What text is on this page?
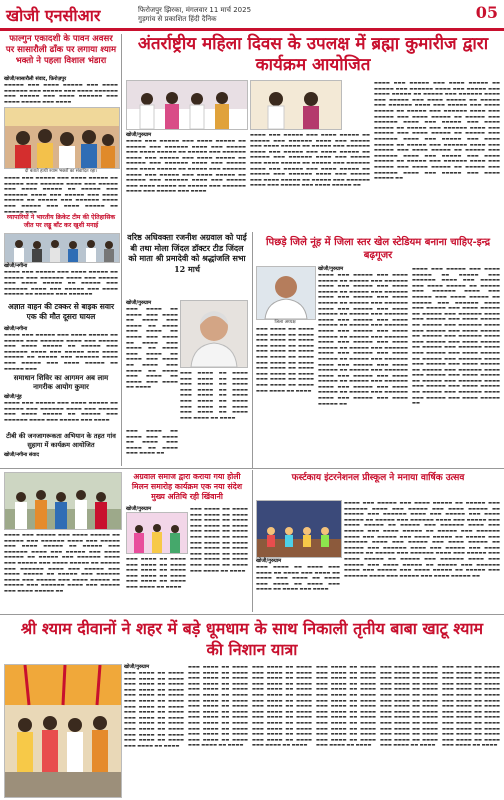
खोजी एनसीआर	फिरोजपुर झिरका, मंगलवार 11 मार्च 2025
गुड़गांव से प्रकाशित हिंदी दैनिक	05
फाल्गुन एकादशी के पावन अवसर पर सासारौली ढाँक पर लगाया श्याम भक्तो ने पहला विशाल भंडारा
खोजी/सासारौली संवाद, फ़िरोज़पुर

▬▬▬▬▬ ▬▬▬ ▬▬▬▬ ▬▬▬▬▬ ▬▬▬ ▬▬▬▬ ▬▬▬▬▬▬ ▬▬▬ ▬▬▬▬▬ ▬▬▬ ▬▬▬▬ ▬▬▬▬▬▬ ▬▬▬ ▬▬▬▬▬ ▬▬▬ ▬▬▬▬ ▬▬▬▬▬▬ ▬▬▬ ▬▬▬▬ ▬▬▬▬▬ ▬▬▬ ▬▬▬▬

दी बताते हाथी श्याम भक्तों का संवादित रहा।

▬▬▬▬ ▬▬▬ ▬▬▬▬▬ ▬▬▬ ▬▬▬▬ ▬▬▬▬▬ ▬▬ ▬▬▬▬▬ ▬▬▬ ▬▬▬▬▬▬ ▬▬▬▬ ▬▬▬ ▬▬▬▬▬ ▬▬▬ ▬▬▬▬ ▬▬▬▬▬ ▬▬ ▬▬▬▬▬ ▬▬▬ ▬▬▬▬▬▬ ▬▬▬▬ ▬▬▬ ▬▬▬▬▬ ▬▬▬ ▬▬▬▬ ▬▬▬▬▬ ▬▬ ▬▬▬▬▬ ▬▬▬ ▬▬▬▬▬▬ ▬▬▬▬ ▬▬▬ ▬▬▬▬▬ ▬▬▬ ▬▬▬▬ ▬▬▬▬▬ ▬▬ ▬▬▬▬▬ ▬▬▬

व्यापारियों ने भारतीय क्रिकेट टीम की ऐतिहासिक जीत पर लड्डू बाँट कर खुशी मनाई
खोजी/नगीना

▬▬▬▬ ▬▬▬ ▬▬▬▬▬ ▬▬▬ ▬▬▬▬ ▬▬▬▬▬ ▬▬ ▬▬▬▬▬ ▬▬▬ ▬▬▬▬▬▬ ▬▬▬▬ ▬▬▬ ▬▬▬▬▬ ▬▬▬ ▬▬▬▬ ▬▬▬▬▬ ▬▬ ▬▬▬▬▬ ▬▬▬ ▬▬▬▬▬▬ ▬▬▬▬ ▬▬▬ ▬▬▬▬▬ ▬▬▬ ▬▬▬▬ ▬▬▬▬▬ ▬▬ ▬▬▬▬▬ ▬▬▬ ▬▬▬▬▬▬

अज्ञात वाहन की टक्कर से बाइक सवार एक की मौत दूसरा घायल
खोजी/नगीना

▬▬▬▬ ▬▬▬ ▬▬▬▬▬ ▬▬▬ ▬▬▬▬ ▬▬▬▬▬ ▬▬ ▬▬▬▬▬ ▬▬▬ ▬▬▬▬▬▬ ▬▬▬▬ ▬▬▬ ▬▬▬▬▬ ▬▬▬ ▬▬▬▬ ▬▬▬▬▬ ▬▬ ▬▬▬▬▬ ▬▬▬ ▬▬▬▬▬▬ ▬▬▬▬ ▬▬▬ ▬▬▬▬▬ ▬▬▬ ▬▬▬▬ ▬▬▬▬▬ ▬▬ ▬▬▬▬▬ ▬▬▬ ▬▬▬▬▬▬ ▬▬▬▬ ▬▬▬ ▬▬▬▬▬ ▬▬▬ ▬▬▬▬ ▬▬▬▬▬ ▬▬ ▬▬▬▬▬ ▬▬▬

समाधान शिविर का आगमन अब लाम नागरीक आयोग कुमार
खोजी/नूंह

▬▬▬▬ ▬▬▬ ▬▬▬▬▬ ▬▬▬ ▬▬▬▬ ▬▬▬▬▬ ▬▬ ▬▬▬▬▬ ▬▬▬ ▬▬▬▬▬▬ ▬▬▬▬ ▬▬▬ ▬▬▬▬▬ ▬▬▬ ▬▬▬▬ ▬▬▬▬▬ ▬▬ ▬▬▬▬▬ ▬▬▬ ▬▬▬▬▬▬ ▬▬▬▬ ▬▬▬ ▬▬▬▬▬ ▬▬▬ ▬▬▬▬

टीबी की जनजागरूकता अभियान के तहत गांव सुहागा में कार्यक्रम आयोजित
अंतर्राष्ट्रीय महिला दिवस के उपलक्ष में ब्रह्मा कुमारीज द्वारा कार्यक्रम आयोजित
खोजी/गुरुग्राम

▬▬▬▬ ▬▬▬ ▬▬▬▬▬ ▬▬▬ ▬▬▬▬ ▬▬▬▬▬ ▬▬ ▬▬▬▬▬ ▬▬▬ ▬▬▬▬▬▬ ▬▬▬▬ ▬▬▬ ▬▬▬▬▬ ▬▬▬ ▬▬▬▬ ▬▬▬▬▬ ▬▬ ▬▬▬▬▬ ▬▬▬ ▬▬▬▬▬▬ ▬▬▬▬ ▬▬▬ ▬▬▬▬▬ ▬▬▬ ▬▬▬▬ ▬▬▬▬▬ ▬▬ ▬▬▬▬▬ ▬▬▬ ▬▬▬▬▬▬ ▬▬▬▬ ▬▬▬ ▬▬▬▬▬ ▬▬▬ ▬▬▬▬ ▬▬▬▬▬ ▬▬ ▬▬▬▬▬ ▬▬▬ ▬▬▬▬▬▬ ▬▬▬▬ ▬▬▬ ▬▬▬▬▬ ▬▬▬ ▬▬▬▬ ▬▬▬▬▬ ▬▬ ▬▬▬▬▬ ▬▬▬ ▬▬▬▬▬▬ ▬▬▬▬ ▬▬▬ ▬▬▬▬▬ ▬▬▬ ▬▬▬▬ ▬▬▬▬▬ ▬▬ ▬▬▬▬▬ ▬▬▬ ▬▬▬▬▬▬ ▬▬▬▬ ▬▬▬ ▬▬▬▬▬ ▬▬▬ ▬▬▬▬

▬▬▬▬ ▬▬▬ ▬▬▬▬▬ ▬▬▬ ▬▬▬▬ ▬▬▬▬▬ ▬▬ ▬▬▬▬▬ ▬▬▬ ▬▬▬▬▬▬ ▬▬▬▬ ▬▬▬ ▬▬▬▬▬ ▬▬▬ ▬▬▬▬ ▬▬▬▬▬ ▬▬ ▬▬▬▬▬ ▬▬▬ ▬▬▬▬▬▬ ▬▬▬▬ ▬▬▬ ▬▬▬▬▬ ▬▬▬ ▬▬▬▬ ▬▬▬▬▬ ▬▬ ▬▬▬▬▬ ▬▬▬ ▬▬▬▬▬▬ ▬▬▬▬ ▬▬▬ ▬▬▬▬▬ ▬▬▬ ▬▬▬▬ ▬▬▬▬▬ ▬▬ ▬▬▬▬▬ ▬▬▬ ▬▬▬▬▬▬ ▬▬▬▬ ▬▬▬ ▬▬▬▬▬ ▬▬▬ ▬▬▬▬ ▬▬▬▬▬ ▬▬ ▬▬▬▬▬ ▬▬▬ ▬▬▬▬▬▬ ▬▬▬▬ ▬▬▬ ▬▬▬▬▬ ▬▬▬ ▬▬▬▬ ▬▬▬▬▬ ▬▬ ▬▬▬▬▬ ▬▬▬ ▬▬▬▬▬▬ ▬▬▬▬ ▬▬▬ ▬▬▬▬▬ ▬▬▬ ▬▬▬▬ ▬▬▬▬▬ ▬▬

▬▬▬▬ ▬▬▬ ▬▬▬▬▬ ▬▬▬ ▬▬▬▬ ▬▬▬▬▬ ▬▬ ▬▬▬▬▬ ▬▬▬ ▬▬▬▬▬▬ ▬▬▬▬ ▬▬▬ ▬▬▬▬▬ ▬▬▬ ▬▬▬▬ ▬▬▬▬▬ ▬▬ ▬▬▬▬▬ ▬▬▬ ▬▬▬▬▬▬ ▬▬▬▬ ▬▬▬ ▬▬▬▬▬ ▬▬▬ ▬▬▬▬ ▬▬▬▬▬ ▬▬ ▬▬▬▬▬ ▬▬▬ ▬▬▬▬▬▬ ▬▬▬▬ ▬▬▬ ▬▬▬▬▬ ▬▬▬ ▬▬▬▬ ▬▬▬▬▬ ▬▬ ▬▬▬▬▬ ▬▬▬ ▬▬▬▬▬▬ ▬▬▬▬ ▬▬▬ ▬▬▬▬▬ ▬▬▬ ▬▬▬▬ ▬▬▬▬▬ ▬▬ ▬▬▬▬▬ ▬▬▬ ▬▬▬▬▬▬ ▬▬▬▬ ▬▬▬ ▬▬▬▬▬ ▬▬▬ ▬▬▬▬ ▬▬▬▬▬ ▬▬ ▬▬▬▬▬ ▬▬▬ ▬▬▬▬▬▬ ▬▬▬▬ ▬▬▬ ▬▬▬▬▬ ▬▬▬ ▬▬▬▬ ▬▬▬▬▬ ▬▬ ▬▬▬▬▬ ▬▬▬ ▬▬▬▬▬▬ ▬▬▬▬ ▬▬▬ ▬▬▬▬▬ ▬▬▬ ▬▬▬▬ ▬▬▬▬▬ ▬▬ ▬▬▬▬▬ ▬▬▬ ▬▬▬▬▬▬ ▬▬▬▬ ▬▬▬ ▬▬▬▬▬ ▬▬▬ ▬▬▬▬ ▬▬▬▬▬ ▬▬ ▬▬▬▬▬ ▬▬▬ ▬▬▬▬▬▬ ▬▬▬▬ ▬▬▬ ▬▬▬▬▬ ▬▬▬ ▬▬▬▬ ▬▬▬▬▬ ▬▬ ▬▬▬▬▬ ▬▬▬ ▬▬▬▬▬▬ ▬▬▬▬ ▬▬▬ ▬▬▬▬▬ ▬▬▬ ▬▬▬▬ ▬▬▬▬▬ ▬▬ ▬▬▬▬▬ ▬▬▬ ▬▬▬▬▬▬ ▬▬▬▬ ▬▬▬ ▬▬▬▬▬ ▬▬▬ ▬▬▬▬ ▬▬▬▬▬ ▬▬

वरिष्ठ अधिवक्ता रजनीश अग्रवाल को पाई बी तथा मोला जिंदल डॉक्टर टीड जिंदल को माता श्री प्रमादेवी को श्रद्धांजलि सभा 12 मार्च
खोजी/गुरुग्राम

▬▬▬ ▬▬▬▬ ▬▬ ▬▬▬▬ ▬▬▬ ▬▬▬▬ ▬▬ ▬▬▬▬ ▬▬▬ ▬▬▬▬ ▬▬ ▬▬▬▬ ▬▬▬ ▬▬▬▬ ▬▬ ▬▬▬▬ ▬▬▬ ▬▬▬▬ ▬▬ ▬▬▬▬ ▬▬▬ ▬▬▬▬ ▬▬ ▬▬▬▬ ▬▬▬ ▬▬▬▬ ▬▬ ▬▬▬▬ ▬▬▬ ▬▬▬▬ ▬▬ ▬▬▬▬ ▬▬▬ ▬▬▬▬ ▬▬ ▬▬▬▬ ▬▬▬ ▬▬▬▬ ▬▬ ▬▬▬▬ ▬▬▬ ▬▬▬▬ ▬▬ ▬▬▬▬

▬▬▬ ▬▬▬▬ ▬▬ ▬▬▬▬ ▬▬▬ ▬▬▬▬ ▬▬ ▬▬▬▬ ▬▬▬ ▬▬▬▬ ▬▬ ▬▬▬▬ ▬▬▬ ▬▬▬▬ ▬▬ ▬▬▬▬ ▬▬▬ ▬▬▬▬ ▬▬ ▬▬▬▬ ▬▬▬ ▬▬▬▬ ▬▬ ▬▬▬▬ ▬▬▬ ▬▬▬▬ ▬▬ ▬▬▬▬ ▬▬▬ ▬▬▬▬ ▬▬ ▬▬▬▬ ▬▬▬ ▬▬▬▬ ▬▬ ▬▬▬▬

▬▬▬ ▬▬▬▬ ▬▬ ▬▬▬▬ ▬▬▬ ▬▬▬▬ ▬▬ ▬▬▬▬ ▬▬▬ ▬▬▬▬ ▬▬ ▬▬▬▬ ▬▬▬ ▬▬▬▬ ▬▬

पिछड़े जिले नूंह में जिला स्तर खेल स्टेडियम बनाना चाहिए-इन्द्र बढ़गूजर
जिला अध्यक्ष
खोजी/गुरुग्राम

▬▬▬▬ ▬▬▬ ▬▬▬▬▬ ▬▬▬ ▬▬▬▬ ▬▬▬▬▬ ▬▬ ▬▬▬▬▬ ▬▬▬ ▬▬▬▬▬▬ ▬▬▬▬ ▬▬▬ ▬▬▬▬▬ ▬▬▬ ▬▬▬▬ ▬▬▬▬▬ ▬▬ ▬▬▬▬▬ ▬▬▬ ▬▬▬▬▬▬ ▬▬▬▬ ▬▬▬ ▬▬▬▬▬ ▬▬▬ ▬▬▬▬ ▬▬▬▬▬ ▬▬ ▬▬▬▬▬ ▬▬▬ ▬▬▬▬▬▬ ▬▬▬▬ ▬▬▬ ▬▬▬▬▬ ▬▬▬ ▬▬▬▬ ▬▬▬▬▬ ▬▬ ▬▬▬▬▬ ▬▬▬ ▬▬▬▬▬▬ ▬▬▬▬ ▬▬▬ ▬▬▬▬▬ ▬▬▬ ▬▬▬▬ ▬▬▬▬▬ ▬▬ ▬▬▬▬▬ ▬▬▬ ▬▬▬▬▬▬ ▬▬▬▬ ▬▬▬ ▬▬▬▬▬ ▬▬▬ ▬▬▬▬ ▬▬▬▬▬ ▬▬ ▬▬▬▬▬ ▬▬▬ ▬▬▬▬▬▬ ▬▬▬▬ ▬▬▬ ▬▬▬▬▬ ▬▬▬ ▬▬▬▬ ▬▬▬▬▬ ▬▬ ▬▬▬▬▬ ▬▬▬ ▬▬▬▬▬▬ ▬▬▬▬ ▬▬▬ ▬▬▬▬▬ ▬▬▬ ▬▬▬▬ ▬▬▬▬▬ ▬▬ ▬▬▬▬▬ ▬▬▬ ▬▬▬▬▬▬ ▬▬▬▬ ▬▬▬ ▬▬▬▬▬ ▬▬▬ ▬▬▬▬ ▬▬▬▬▬ ▬▬ ▬▬▬▬▬ ▬▬▬ ▬▬▬▬▬▬ ▬▬▬▬ ▬▬▬ ▬▬▬▬▬ ▬▬▬ ▬▬▬▬ ▬▬▬▬▬ ▬▬ ▬▬▬▬▬ ▬▬▬ ▬▬▬▬▬▬ ▬▬▬▬ ▬▬▬ ▬▬▬▬▬ ▬▬▬ ▬▬▬▬ ▬▬▬▬▬ ▬▬ ▬▬▬▬▬ ▬▬▬ ▬▬▬▬▬▬ ▬▬▬▬ ▬▬▬ ▬▬▬▬▬ ▬▬▬ ▬▬▬▬ ▬▬▬▬▬ ▬▬

▬▬▬▬ ▬▬▬ ▬▬▬▬▬ ▬▬▬ ▬▬▬▬ ▬▬▬▬▬ ▬▬ ▬▬▬▬▬ ▬▬▬ ▬▬▬▬▬▬ ▬▬▬▬ ▬▬▬ ▬▬▬▬▬ ▬▬▬ ▬▬▬▬ ▬▬▬▬▬ ▬▬ ▬▬▬▬▬ ▬▬▬ ▬▬▬▬▬▬ ▬▬▬▬ ▬▬▬ ▬▬▬▬▬ ▬▬▬ ▬▬▬▬ ▬▬▬▬▬ ▬▬ ▬▬▬▬▬ ▬▬▬ ▬▬▬▬▬▬ ▬▬▬▬ ▬▬▬ ▬▬▬▬▬ ▬▬▬ ▬▬▬▬ ▬▬▬▬▬ ▬▬ ▬▬▬▬▬ ▬▬▬ ▬▬▬▬▬▬ ▬▬▬▬ ▬▬▬ ▬▬▬▬▬ ▬▬▬ ▬▬▬▬ ▬▬▬▬▬ ▬▬ ▬▬▬▬▬ ▬▬▬ ▬▬▬▬▬▬ ▬▬▬▬ ▬▬▬ ▬▬▬▬▬ ▬▬▬ ▬▬▬▬ ▬▬▬▬▬ ▬▬ ▬▬▬▬▬ ▬▬▬ ▬▬▬▬▬▬ ▬▬▬▬ ▬▬▬ ▬▬▬▬▬ ▬▬▬ ▬▬▬▬ ▬▬▬▬▬ ▬▬ ▬▬▬▬▬ ▬▬▬ ▬▬▬▬▬▬ ▬▬▬▬ ▬▬▬ ▬▬▬▬▬ ▬▬▬ ▬▬▬▬ ▬▬▬▬▬ ▬▬ ▬▬▬▬▬ ▬▬▬ ▬▬▬▬▬▬ ▬▬▬▬ ▬▬▬ ▬▬▬▬▬ ▬▬▬ ▬▬▬▬ ▬▬▬▬▬ ▬▬ ▬▬▬▬▬ ▬▬▬ ▬▬▬▬▬▬ ▬▬▬▬ ▬▬▬ ▬▬▬▬▬ ▬▬▬ ▬▬▬▬ ▬▬▬▬▬ ▬▬ ▬▬▬▬▬ ▬▬▬ ▬▬▬▬▬▬ ▬▬▬▬ ▬▬▬ ▬▬▬▬▬ ▬▬▬ ▬▬▬▬ ▬▬▬▬▬ ▬▬ ▬▬▬▬▬ ▬▬▬ ▬▬▬▬▬▬ ▬▬▬▬ ▬▬▬ ▬▬▬▬▬ ▬▬▬ ▬▬▬▬ ▬▬▬▬▬ ▬▬

▬▬▬ ▬▬▬▬ ▬▬ ▬▬▬▬ ▬▬▬ ▬▬▬▬ ▬▬ ▬▬▬▬ ▬▬▬ ▬▬▬▬ ▬▬ ▬▬▬▬ ▬▬▬ ▬▬▬▬ ▬▬ ▬▬▬▬ ▬▬▬ ▬▬▬▬ ▬▬ ▬▬▬▬ ▬▬▬ ▬▬▬▬ ▬▬ ▬▬▬▬ ▬▬▬ ▬▬▬▬ ▬▬ ▬▬▬▬ ▬▬▬ ▬▬▬▬ ▬▬ ▬▬▬▬ ▬▬▬ ▬▬▬▬ ▬▬ ▬▬▬▬ ▬▬▬ ▬▬▬▬ ▬▬ ▬▬▬▬ ▬▬▬ ▬▬▬▬ ▬▬ ▬▬▬▬ ▬▬▬ ▬▬▬▬ ▬▬ ▬▬▬▬

खोजी/नगीना संवाद
अग्रवाल समाज द्वारा कराया गया होली मिलन समारोह कार्यक्रम एक नया संदेश मुख्य अतिथि रही खिंवानी

▬▬▬▬ ▬▬▬ ▬▬▬▬▬ ▬▬▬ ▬▬▬▬ ▬▬▬▬▬ ▬▬ ▬▬▬▬▬ ▬▬▬ ▬▬▬▬▬▬ ▬▬▬▬ ▬▬▬ ▬▬▬▬▬ ▬▬▬ ▬▬▬▬ ▬▬▬▬▬ ▬▬ ▬▬▬▬▬ ▬▬▬ ▬▬▬▬▬▬ ▬▬▬▬ ▬▬▬ ▬▬▬▬▬ ▬▬▬ ▬▬▬▬ ▬▬▬▬▬ ▬▬ ▬▬▬▬▬ ▬▬▬ ▬▬▬▬▬▬ ▬▬▬▬ ▬▬▬ ▬▬▬▬▬ ▬▬▬ ▬▬▬▬ ▬▬▬▬▬ ▬▬ ▬▬▬▬▬ ▬▬▬ ▬▬▬▬▬▬ ▬▬▬▬ ▬▬▬ ▬▬▬▬▬ ▬▬▬ ▬▬▬▬ ▬▬▬▬▬ ▬▬ ▬▬▬▬▬ ▬▬▬ ▬▬▬▬▬▬ ▬▬▬▬ ▬▬▬ ▬▬▬▬▬ ▬▬▬ ▬▬▬▬ ▬▬▬▬▬ ▬▬ ▬▬▬▬▬ ▬▬▬ ▬▬▬▬▬▬ ▬▬▬▬ ▬▬▬ ▬▬▬▬▬ ▬▬▬ ▬▬▬▬ ▬▬▬▬▬ ▬▬

खोजी/गुरुग्राम	▬▬▬ ▬▬▬▬ ▬▬ ▬▬▬▬ ▬▬▬ ▬▬▬▬ ▬▬ ▬▬▬▬ ▬▬▬ ▬▬▬▬ ▬▬ ▬▬▬▬ ▬▬▬ ▬▬▬▬ ▬▬ ▬▬▬▬ ▬▬▬ ▬▬▬▬ ▬▬ ▬▬▬▬ ▬▬▬ ▬▬▬▬ ▬▬ ▬▬▬▬ ▬▬▬ ▬▬▬▬ ▬▬ ▬▬▬▬ ▬▬▬ ▬▬▬▬ ▬▬ ▬▬▬▬ ▬▬▬ ▬▬▬▬ ▬▬ ▬▬▬▬ ▬▬▬ ▬▬▬▬ ▬▬ ▬▬▬▬ ▬▬▬ ▬▬▬▬ ▬▬ ▬▬▬▬ ▬▬▬ ▬▬▬▬ ▬▬ ▬▬▬▬

▬▬▬ ▬▬▬▬ ▬▬ ▬▬▬▬ ▬▬▬ ▬▬▬▬ ▬▬ ▬▬▬▬ ▬▬▬ ▬▬▬▬ ▬▬ ▬▬▬▬ ▬▬▬ ▬▬▬▬ ▬▬ ▬▬▬▬ ▬▬▬ ▬▬▬▬ ▬▬ ▬▬▬▬ ▬▬▬ ▬▬▬▬ ▬▬ ▬▬▬▬

फर्स्टकाय इंटरनेशनल प्रीस्कूल ने मनाया वार्षिक उत्सव
खोजी/गुरुग्राम

▬▬▬ ▬▬▬▬ ▬▬ ▬▬▬▬ ▬▬▬ ▬▬▬▬ ▬▬ ▬▬▬▬ ▬▬▬ ▬▬▬▬ ▬▬ ▬▬▬▬ ▬▬▬ ▬▬▬▬ ▬▬ ▬▬▬▬ ▬▬▬ ▬▬▬▬ ▬▬ ▬▬▬▬ ▬▬▬ ▬▬▬▬ ▬▬ ▬▬▬▬ ▬▬▬ ▬▬▬▬

▬▬▬▬ ▬▬▬ ▬▬▬▬▬ ▬▬▬ ▬▬▬▬ ▬▬▬▬▬ ▬▬ ▬▬▬▬▬ ▬▬▬ ▬▬▬▬▬▬ ▬▬▬▬ ▬▬▬ ▬▬▬▬▬ ▬▬▬ ▬▬▬▬ ▬▬▬▬▬ ▬▬ ▬▬▬▬▬ ▬▬▬ ▬▬▬▬▬▬ ▬▬▬▬ ▬▬▬ ▬▬▬▬▬ ▬▬▬ ▬▬▬▬ ▬▬▬▬▬ ▬▬ ▬▬▬▬▬ ▬▬▬ ▬▬▬▬▬▬ ▬▬▬▬ ▬▬▬ ▬▬▬▬▬ ▬▬▬ ▬▬▬▬ ▬▬▬▬▬ ▬▬ ▬▬▬▬▬ ▬▬▬ ▬▬▬▬▬▬ ▬▬▬▬ ▬▬▬ ▬▬▬▬▬ ▬▬▬ ▬▬▬▬ ▬▬▬▬▬ ▬▬ ▬▬▬▬▬ ▬▬▬ ▬▬▬▬▬▬ ▬▬▬▬ ▬▬▬ ▬▬▬▬▬ ▬▬▬ ▬▬▬▬ ▬▬▬▬▬ ▬▬ ▬▬▬▬▬ ▬▬▬ ▬▬▬▬▬▬ ▬▬▬▬ ▬▬▬ ▬▬▬▬▬ ▬▬▬ ▬▬▬▬ ▬▬▬▬▬ ▬▬ ▬▬▬▬▬ ▬▬▬ ▬▬▬▬▬▬ ▬▬▬▬ ▬▬▬ ▬▬▬▬▬ ▬▬▬ ▬▬▬▬ ▬▬▬▬▬ ▬▬ ▬▬▬▬▬ ▬▬▬ ▬▬▬▬▬▬ ▬▬▬▬ ▬▬▬ ▬▬▬▬▬ ▬▬▬ ▬▬▬▬ ▬▬▬▬▬ ▬▬ ▬▬▬▬▬ ▬▬▬ ▬▬▬▬▬▬ ▬▬▬▬ ▬▬▬ ▬▬▬▬▬ ▬▬▬ ▬▬▬▬ ▬▬▬▬▬ ▬▬ ▬▬▬▬▬ ▬▬▬ ▬▬▬▬▬▬ ▬▬▬▬ ▬▬▬ ▬▬▬▬▬ ▬▬▬ ▬▬▬▬ ▬▬▬▬▬ ▬▬ ▬▬▬▬▬ ▬▬▬ ▬▬▬▬▬▬ ▬▬▬▬ ▬▬▬ ▬▬▬▬▬ ▬▬▬ ▬▬▬▬ ▬▬▬▬▬ ▬▬

श्री श्याम दीवानों ने शहर में बड़े धूमधाम के साथ निकाली तृतीय बाबा खाटू श्याम की निशान यात्रा
खोजी/गुरुग्राम

▬▬▬ ▬▬▬▬ ▬▬ ▬▬▬▬ ▬▬▬ ▬▬▬▬ ▬▬ ▬▬▬▬ ▬▬▬ ▬▬▬▬ ▬▬ ▬▬▬▬ ▬▬▬ ▬▬▬▬ ▬▬ ▬▬▬▬ ▬▬▬ ▬▬▬▬ ▬▬ ▬▬▬▬ ▬▬▬ ▬▬▬▬ ▬▬ ▬▬▬▬ ▬▬▬ ▬▬▬▬ ▬▬ ▬▬▬▬ ▬▬▬ ▬▬▬▬ ▬▬ ▬▬▬▬ ▬▬▬ ▬▬▬▬ ▬▬ ▬▬▬▬ ▬▬▬ ▬▬▬▬ ▬▬ ▬▬▬▬ ▬▬▬ ▬▬▬▬ ▬▬ ▬▬▬▬ ▬▬▬ ▬▬▬▬ ▬▬ ▬▬▬▬ ▬▬▬ ▬▬▬▬ ▬▬ ▬▬▬▬ ▬▬▬ ▬▬▬▬ ▬▬ ▬▬▬▬

▬▬▬ ▬▬▬▬ ▬▬ ▬▬▬▬ ▬▬▬ ▬▬▬▬ ▬▬ ▬▬▬▬ ▬▬▬ ▬▬▬▬ ▬▬ ▬▬▬▬ ▬▬▬ ▬▬▬▬ ▬▬ ▬▬▬▬ ▬▬▬ ▬▬▬▬ ▬▬ ▬▬▬▬ ▬▬▬ ▬▬▬▬ ▬▬ ▬▬▬▬ ▬▬▬ ▬▬▬▬ ▬▬ ▬▬▬▬ ▬▬▬ ▬▬▬▬ ▬▬ ▬▬▬▬ ▬▬▬ ▬▬▬▬ ▬▬ ▬▬▬▬ ▬▬▬ ▬▬▬▬ ▬▬ ▬▬▬▬ ▬▬▬ ▬▬▬▬ ▬▬ ▬▬▬▬ ▬▬▬ ▬▬▬▬ ▬▬ ▬▬▬▬ ▬▬▬ ▬▬▬▬ ▬▬ ▬▬▬▬ ▬▬▬ ▬▬▬▬ ▬▬ ▬▬▬▬ ▬▬▬ ▬▬▬▬ ▬▬ ▬▬▬▬

▬▬▬ ▬▬▬▬ ▬▬ ▬▬▬▬ ▬▬▬ ▬▬▬▬ ▬▬ ▬▬▬▬ ▬▬▬ ▬▬▬▬ ▬▬ ▬▬▬▬ ▬▬▬ ▬▬▬▬ ▬▬ ▬▬▬▬ ▬▬▬ ▬▬▬▬ ▬▬ ▬▬▬▬ ▬▬▬ ▬▬▬▬ ▬▬ ▬▬▬▬ ▬▬▬ ▬▬▬▬ ▬▬ ▬▬▬▬ ▬▬▬ ▬▬▬▬ ▬▬ ▬▬▬▬ ▬▬▬ ▬▬▬▬ ▬▬ ▬▬▬▬ ▬▬▬ ▬▬▬▬ ▬▬ ▬▬▬▬ ▬▬▬ ▬▬▬▬ ▬▬ ▬▬▬▬ ▬▬▬ ▬▬▬▬ ▬▬ ▬▬▬▬ ▬▬▬ ▬▬▬▬ ▬▬ ▬▬▬▬ ▬▬▬ ▬▬▬▬ ▬▬ ▬▬▬▬ ▬▬▬ ▬▬▬▬ ▬▬ ▬▬▬▬

▬▬▬ ▬▬▬▬ ▬▬ ▬▬▬▬ ▬▬▬ ▬▬▬▬ ▬▬ ▬▬▬▬ ▬▬▬ ▬▬▬▬ ▬▬ ▬▬▬▬ ▬▬▬ ▬▬▬▬ ▬▬ ▬▬▬▬ ▬▬▬ ▬▬▬▬ ▬▬ ▬▬▬▬ ▬▬▬ ▬▬▬▬ ▬▬ ▬▬▬▬ ▬▬▬ ▬▬▬▬ ▬▬ ▬▬▬▬ ▬▬▬ ▬▬▬▬ ▬▬ ▬▬▬▬ ▬▬▬ ▬▬▬▬ ▬▬ ▬▬▬▬ ▬▬▬ ▬▬▬▬ ▬▬ ▬▬▬▬ ▬▬▬ ▬▬▬▬ ▬▬ ▬▬▬▬ ▬▬▬ ▬▬▬▬ ▬▬ ▬▬▬▬ ▬▬▬ ▬▬▬▬ ▬▬ ▬▬▬▬ ▬▬▬ ▬▬▬▬ ▬▬ ▬▬▬▬ ▬▬▬ ▬▬▬▬ ▬▬ ▬▬▬▬

▬▬▬ ▬▬▬▬ ▬▬ ▬▬▬▬ ▬▬▬ ▬▬▬▬ ▬▬ ▬▬▬▬ ▬▬▬ ▬▬▬▬ ▬▬ ▬▬▬▬ ▬▬▬ ▬▬▬▬ ▬▬ ▬▬▬▬ ▬▬▬ ▬▬▬▬ ▬▬ ▬▬▬▬ ▬▬▬ ▬▬▬▬ ▬▬ ▬▬▬▬ ▬▬▬ ▬▬▬▬ ▬▬ ▬▬▬▬ ▬▬▬ ▬▬▬▬ ▬▬ ▬▬▬▬ ▬▬▬ ▬▬▬▬ ▬▬ ▬▬▬▬ ▬▬▬ ▬▬▬▬ ▬▬ ▬▬▬▬ ▬▬▬ ▬▬▬▬ ▬▬ ▬▬▬▬ ▬▬▬ ▬▬▬▬ ▬▬ ▬▬▬▬ ▬▬▬ ▬▬▬▬ ▬▬ ▬▬▬▬ ▬▬▬ ▬▬▬▬ ▬▬ ▬▬▬▬ ▬▬▬ ▬▬▬▬ ▬▬ ▬▬▬▬

▬▬▬ ▬▬▬▬ ▬▬ ▬▬▬▬ ▬▬▬ ▬▬▬▬ ▬▬ ▬▬▬▬ ▬▬▬ ▬▬▬▬ ▬▬ ▬▬▬▬ ▬▬▬ ▬▬▬▬ ▬▬ ▬▬▬▬ ▬▬▬ ▬▬▬▬ ▬▬ ▬▬▬▬ ▬▬▬ ▬▬▬▬ ▬▬ ▬▬▬▬ ▬▬▬ ▬▬▬▬ ▬▬ ▬▬▬▬ ▬▬▬ ▬▬▬▬ ▬▬ ▬▬▬▬ ▬▬▬ ▬▬▬▬ ▬▬ ▬▬▬▬ ▬▬▬ ▬▬▬▬ ▬▬ ▬▬▬▬ ▬▬▬ ▬▬▬▬ ▬▬ ▬▬▬▬ ▬▬▬ ▬▬▬▬ ▬▬ ▬▬▬▬ ▬▬▬ ▬▬▬▬ ▬▬ ▬▬▬▬ ▬▬▬ ▬▬▬▬ ▬▬ ▬▬▬▬ ▬▬▬ ▬▬▬▬ ▬▬ ▬▬▬▬
